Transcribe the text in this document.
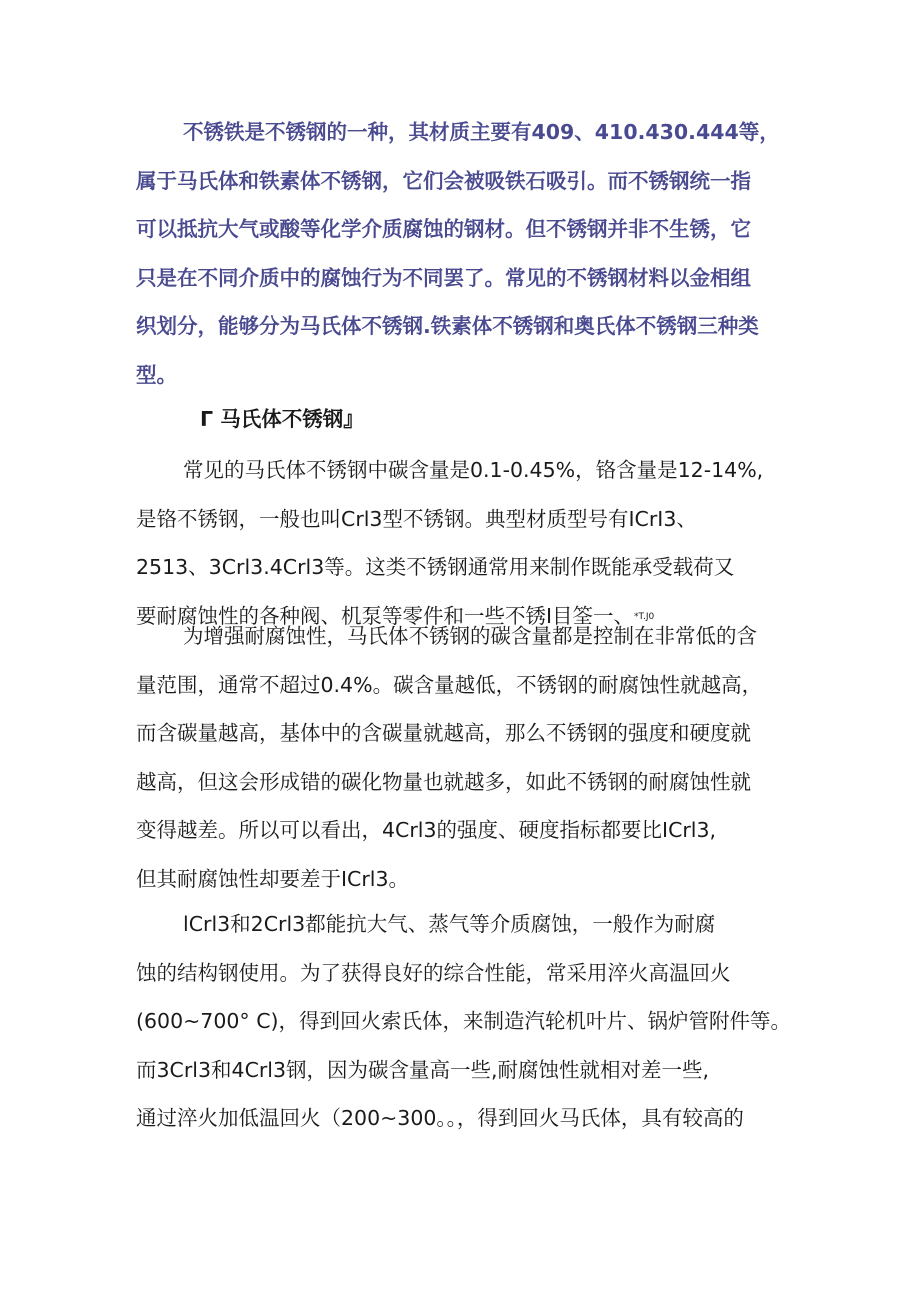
不锈铁是不锈钢的一种，其材质主要有409、410.430.444等，
属于马氏体和铁素体不锈钢，它们会被吸铁石吸引。而不锈钢统一指
可以抵抗大气或酸等化学介质腐蚀的钢材。但不锈钢并非不生锈，它
只是在不同介质中的腐蚀行为不同罢了。常见的不锈钢材料以金相组
织划分，能够分为马氏体不锈钢.铁素体不锈钢和奥氏体不锈钢三种类
型。
Γ 马氏体不锈钢』
常见的马氏体不锈钢中碳含量是0.1-0.45%，铬含量是12-14%,
是铬不锈钢，一般也叫Crl3型不锈钢。典型材质型号有ICrI3、
2513、3Crl3.4Crl3等。这类不锈钢通常用来制作既能承受载荷又
要耐腐蚀性的各种阀、机泵等零件和一些不锈Ⅰ目筌一、*T.J0
为增强耐腐蚀性，马氏体不锈钢的碳含量都是控制在非常低的含
量范围，通常不超过0.4%。碳含量越低，不锈钢的耐腐蚀性就越高，
而含碳量越高，基体中的含碳量就越高，那么不锈钢的强度和硬度就
越高，但这会形成错的碳化物量也就越多，如此不锈钢的耐腐蚀性就
变得越差。所以可以看出，4Crl3的强度、硬度指标都要比ICrl3,
但其耐腐蚀性却要差于ICrl3。
lCrl3和2Crl3都能抗大气、蒸气等介质腐蚀，一般作为耐腐
蚀的结构钢使用。为了获得良好的综合性能，常采用淬火高温回火
(600~700° C)，得到回火索氏体，来制造汽轮机叶片、锅炉管附件等。
而3Crl3和4Crl3钢，因为碳含量高一些,耐腐蚀性就相对差一些,
通过淬火加低温回火（200~300。。，得到回火马氏体，具有较高的
